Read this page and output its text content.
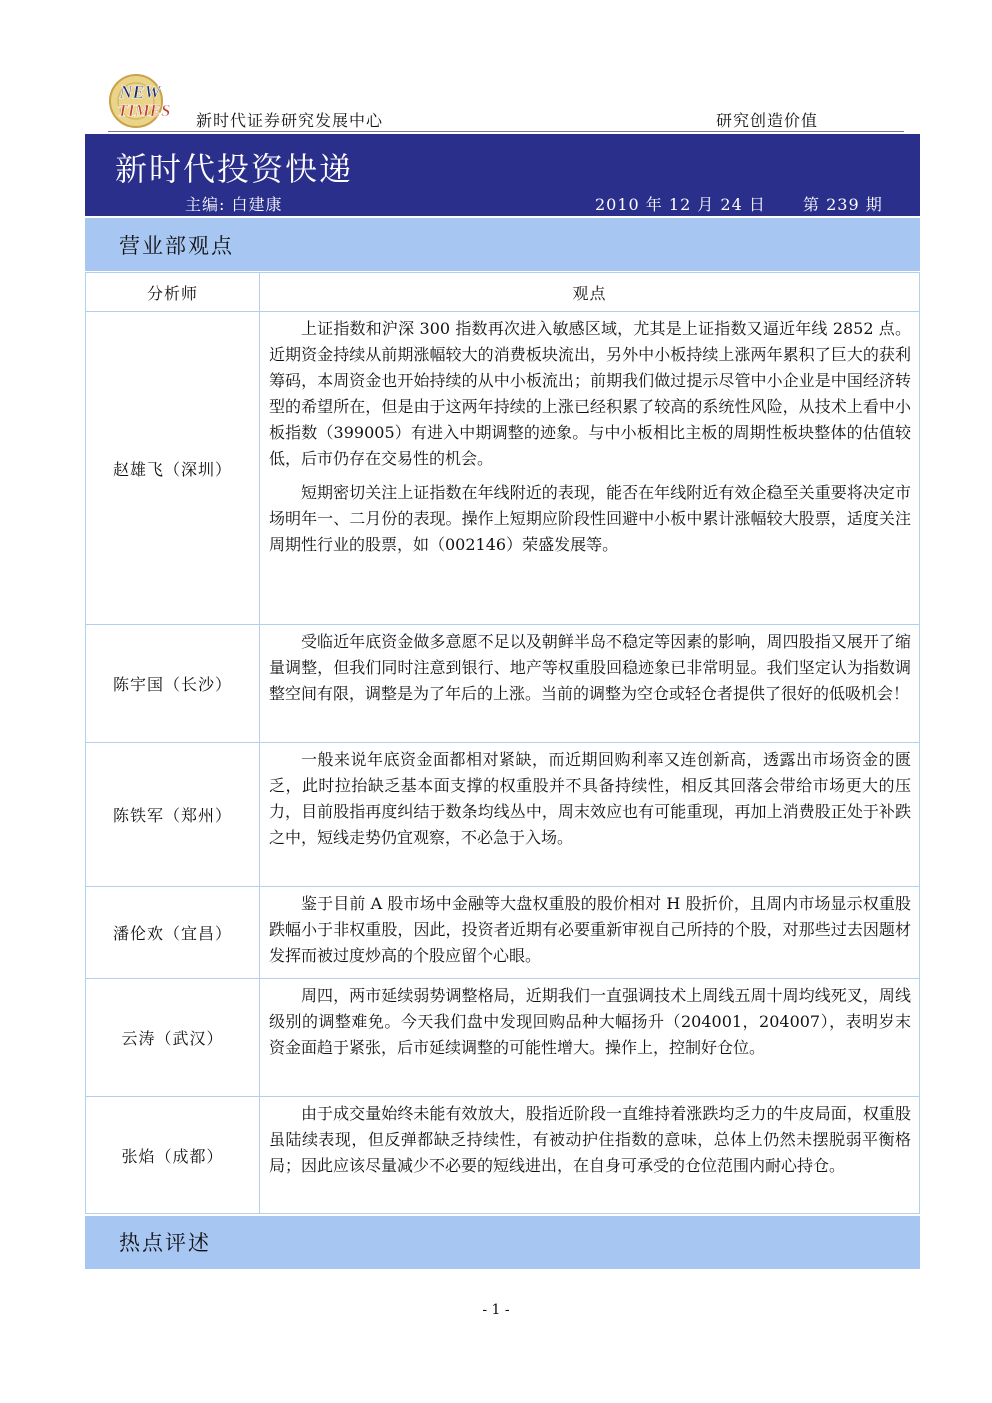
NEW
TIMES
新时代证券研究发展中心	研究创造价值
新时代投资快递
主编: 白建康	2010 年 12 月 24 日 第 239 期
营业部观点
分析师	观点
赵雄飞（深圳）	上证指数和沪深 300 指数再次进入敏感区域，尤其是上证指数又逼近年线 2852 点。近期资金持续从前期涨幅较大的消费板块流出，另外中小板持续上涨两年累积了巨大的获利筹码，本周资金也开始持续的从中小板流出；前期我们做过提示尽管中小企业是中国经济转型的希望所在，但是由于这两年持续的上涨已经积累了较高的系统性风险，从技术上看中小板指数（399005）有进入中期调整的迹象。与中小板相比主板的周期性板块整体的估值较低，后市仍存在交易性的机会。

短期密切关注上证指数在年线附近的表现，能否在年线附近有效企稳至关重要将决定市场明年一、二月份的表现。操作上短期应阶段性回避中小板中累计涨幅较大股票，适度关注周期性行业的股票，如（002146）荣盛发展等。

陈宇国（长沙）	受临近年底资金做多意愿不足以及朝鲜半岛不稳定等因素的影响，周四股指又展开了缩量调整，但我们同时注意到银行、地产等权重股回稳迹象已非常明显。我们坚定认为指数调整空间有限，调整是为了年后的上涨。当前的调整为空仓或轻仓者提供了很好的低吸机会！

陈铁军（郑州）	一般来说年底资金面都相对紧缺，而近期回购利率又连创新高，透露出市场资金的匮乏，此时拉抬缺乏基本面支撑的权重股并不具备持续性，相反其回落会带给市场更大的压力，目前股指再度纠结于数条均线丛中，周末效应也有可能重现，再加上消费股正处于补跌之中，短线走势仍宜观察，不必急于入场。

潘伦欢（宜昌）	鉴于目前 A 股市场中金融等大盘权重股的股价相对 H 股折价，且周内市场显示权重股跌幅小于非权重股，因此，投资者近期有必要重新审视自己所持的个股，对那些过去因题材发挥而被过度炒高的个股应留个心眼。

云涛（武汉）	周四，两市延续弱势调整格局，近期我们一直强调技术上周线五周十周均线死叉，周线级别的调整难免。今天我们盘中发现回购品种大幅扬升（204001，204007），表明岁末资金面趋于紧张，后市延续调整的可能性增大。操作上，控制好仓位。

张焰（成都）	由于成交量始终未能有效放大，股指近阶段一直维持着涨跌均乏力的牛皮局面，权重股虽陆续表现，但反弹都缺乏持续性，有被动护住指数的意味，总体上仍然未摆脱弱平衡格局；因此应该尽量减少不必要的短线进出，在自身可承受的仓位范围内耐心持仓。

热点评述
- 1 -
